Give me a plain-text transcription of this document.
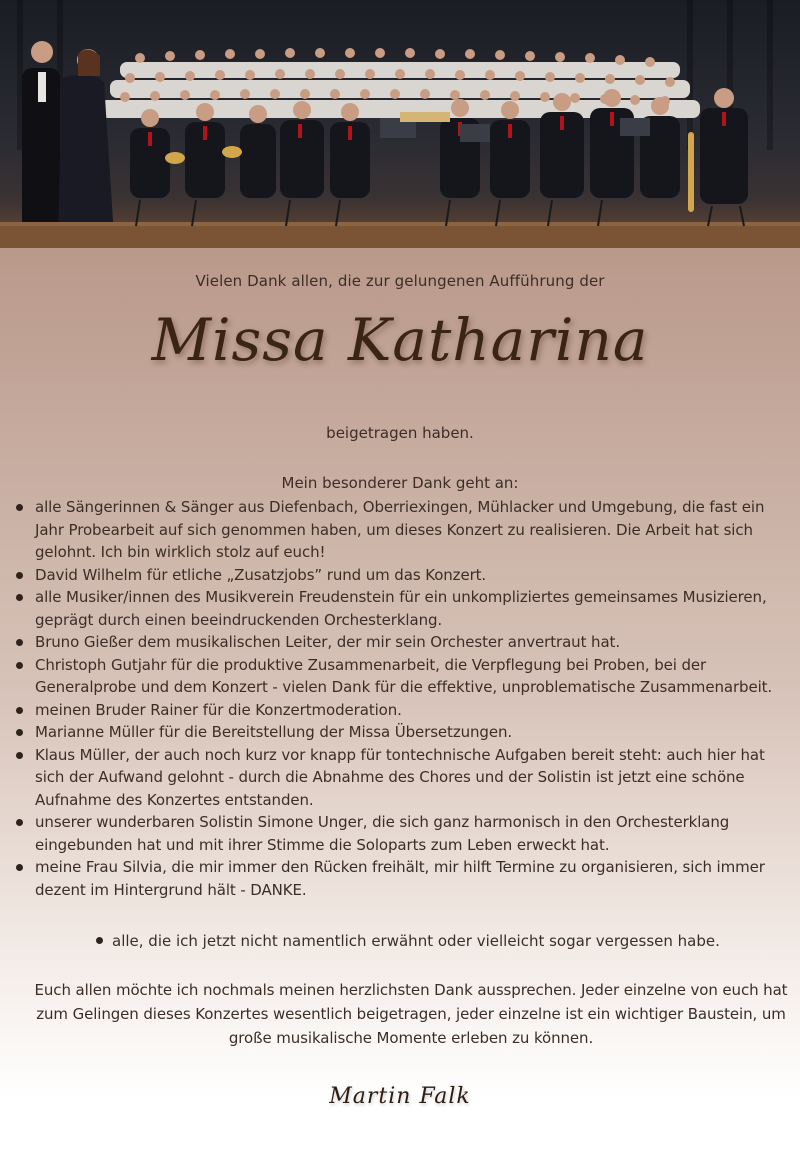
Vielen Dank allen, die zur gelungenen Aufführung der
Missa Katharina
beigetragen haben.
Mein besonderer Dank geht an:
alle Sängerinnen & Sänger aus Diefenbach, Oberriexingen, Mühlacker und Umgebung, die fast ein Jahr Probearbeit auf sich genommen haben, um dieses Konzert zu realisieren. Die Arbeit hat sich gelohnt. Ich bin wirklich stolz auf euch!
David Wilhelm für etliche „Zusatzjobs” rund um das Konzert.
alle Musiker/innen des Musikverein Freudenstein für ein unkompliziertes gemeinsames Musizieren, geprägt durch einen beeindruckenden Orchesterklang.
Bruno Gießer dem musikalischen Leiter, der mir sein Orchester anvertraut hat.
Christoph Gutjahr für die produktive Zusammenarbeit, die Verpflegung bei Proben, bei der Generalprobe und dem Konzert - vielen Dank für die effektive, unproblematische Zusammenarbeit.
meinen Bruder Rainer für die Konzertmoderation.
Marianne Müller für die Bereitstellung der Missa Übersetzungen.
Klaus Müller, der auch noch kurz vor knapp für tontechnische Aufgaben bereit steht: auch hier hat sich der Aufwand gelohnt - durch die Abnahme des Chores und der Solistin ist jetzt eine schöne Aufnahme des Konzertes entstanden.
unserer wunderbaren Solistin Simone Unger, die sich ganz harmonisch in den Orchesterklang eingebunden hat und mit ihrer Stimme die Soloparts zum Leben erweckt hat.
meine Frau Silvia, die mir immer den Rücken freihält, mir hilft Termine zu organisieren, sich immer dezent im Hintergrund hält - DANKE.
alle, die ich jetzt nicht namentlich erwähnt oder vielleicht sogar vergessen habe.
Euch allen möchte ich nochmals meinen herzlichsten Dank aussprechen. Jeder einzelne von euch hat zum Gelingen dieses Konzertes wesentlich beigetragen, jeder einzelne ist ein wichtiger Baustein, um große musikalische Momente erleben zu können.
Martin Falk
